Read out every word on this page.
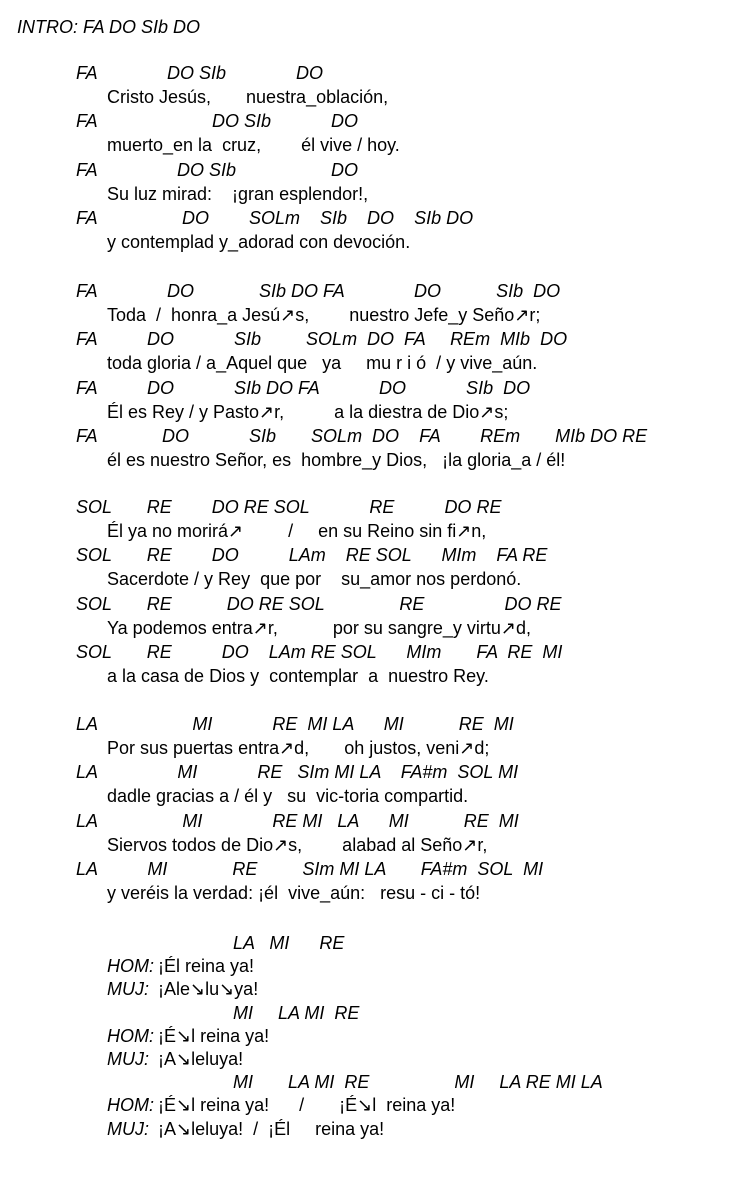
INTRO: FA DO SIb DO
FA              DO SIb              DO
Cristo Jesús,       nuestra_oblación,
FA                       DO SIb            DO
muerto_en la  cruz,        él vive / hoy.
FA                DO SIb                   DO
Su luz mirad:    ¡gran esplendor!,
FA                 DO        SOLm    SIb    DO    SIb DO
y contemplad y_adorad con devoción.
FA              DO             SIb DO FA              DO           SIb  DO
Toda  /  honra_a Jesú↗s,        nuestro Jefe_y Seño↗r;
FA          DO            SIb         SOLm  DO  FA     REm  MIb  DO
toda gloria / a_Aquel que   ya     mu r i ó  / y vive_aún.
FA          DO            SIb DO FA            DO            SIb  DO
Él es Rey / y Pasto↗r,          a la diestra de Dio↗s;
FA             DO            SIb       SOLm  DO    FA        REm       MIb DO RE
él es nuestro Señor, es  hombre_y Dios,   ¡la gloria_a / él!
SOL       RE        DO RE SOL            RE          DO RE
Él ya no morirá↗         /     en su Reino sin fi↗n,
SOL       RE        DO          LAm    RE SOL      MIm    FA RE
Sacerdote / y Rey  que por    su_amor nos perdonó.
SOL       RE           DO RE SOL               RE                DO RE
Ya podemos entra↗r,           por su sangre_y virtu↗d,
SOL       RE          DO    LAm RE SOL      MIm       FA  RE  MI
a la casa de Dios y  contemplar  a  nuestro Rey.
LA                   MI            RE  MI LA      MI           RE  MI
Por sus puertas entra↗d,       oh justos, veni↗d;
LA                MI            RE   SIm MI LA    FA#m  SOL MI
dadle gracias a / él y   su  vic-toria compartid.
LA                 MI              RE MI   LA      MI           RE  MI
Siervos todos de Dio↗s,        alabad al Seño↗r,
LA          MI             RE         SIm MI LA       FA#m  SOL  MI
y veréis la verdad: ¡él  vive_aún:   resu - ci - tó!
LA   MI      RE
HOM: ¡Él reina ya!
MUJ: ¡Ale↘lu↘ya!
MI     LA MI  RE
HOM: ¡É↘l reina ya!
MUJ: ¡A↘leluya!
MI       LA MI  RE                 MI     LA RE MI LA
HOM: ¡É↘l reina ya!      /       ¡É↘l  reina ya!
MUJ: ¡A↘leluya!  /  ¡Él     reina ya!
